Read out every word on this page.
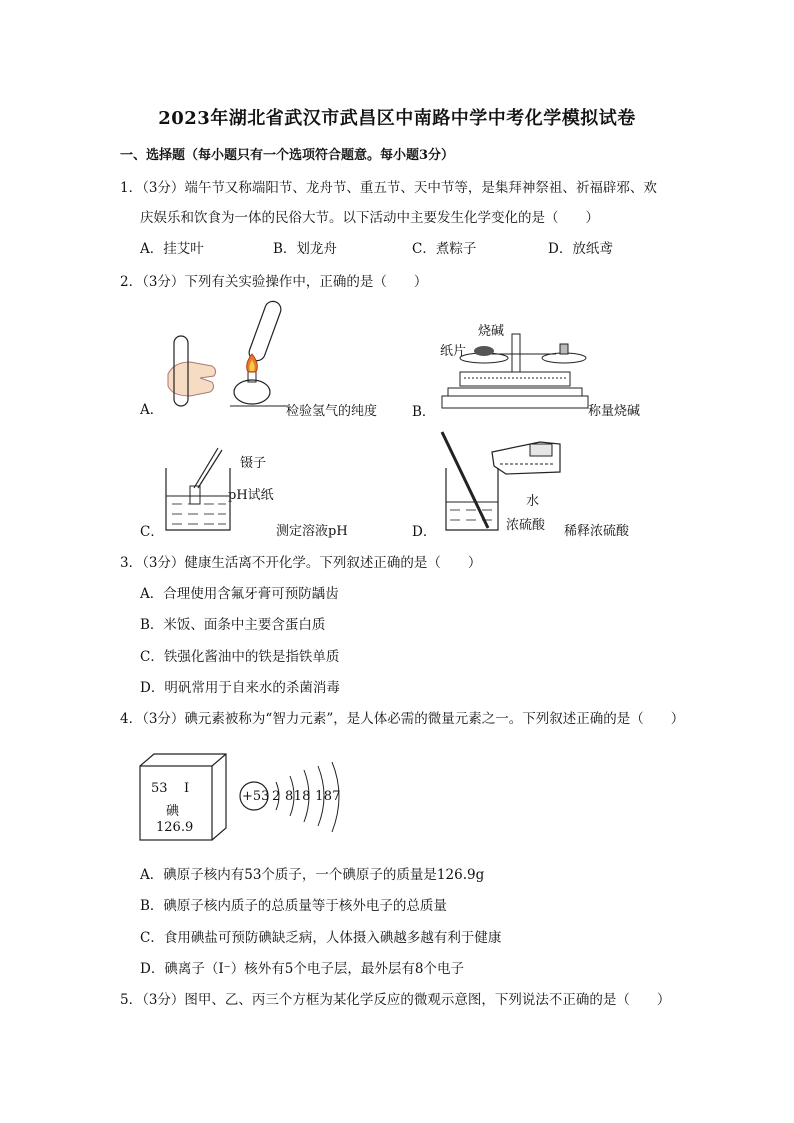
2023年湖北省武汉市武昌区中南路中学中考化学模拟试卷
一、选择题（每小题只有一个选项符合题意。每小题3分）
1．（3分）端午节又称端阳节、龙舟节、重五节、天中节等，是集拜神祭祖、祈福辟邪、欢
庆娱乐和饮食为一体的民俗大节。以下活动中主要发生化学变化的是（　　）
A．挂艾叶	B．划龙舟	C．煮粽子	D．放纸鸢
2．（3分）下列有关实验操作中，正确的是（　　）
A．	检验氢气的纯度	B．
烧碱
纸片
称量烧碱
C．
镊子
pH试纸
测定溶液pH	D．
水
浓硫酸 稀释浓硫酸
3．（3分）健康生活离不开化学。下列叙述正确的是（　　）
A．合理使用含氟牙膏可预防龋齿
B．米饭、面条中主要含蛋白质
C．铁强化酱油中的铁是指铁单质
D．明矾常用于自来水的杀菌消毒
4．（3分）碘元素被称为“智力元素”，是人体必需的微量元素之一。下列叙述正确的是（　　）
53 I
碘
126.9
+53 2 818 187
A．碘原子核内有53个质子，一个碘原子的质量是126.9g
B．碘原子核内质子的总质量等于核外电子的总质量
C．食用碘盐可预防碘缺乏病，人体摄入碘越多越有利于健康
D．碘离子（I⁻）核外有5个电子层，最外层有8个电子
5．（3分）图甲、乙、丙三个方框为某化学反应的微观示意图，下列说法不正确的是（　　）
